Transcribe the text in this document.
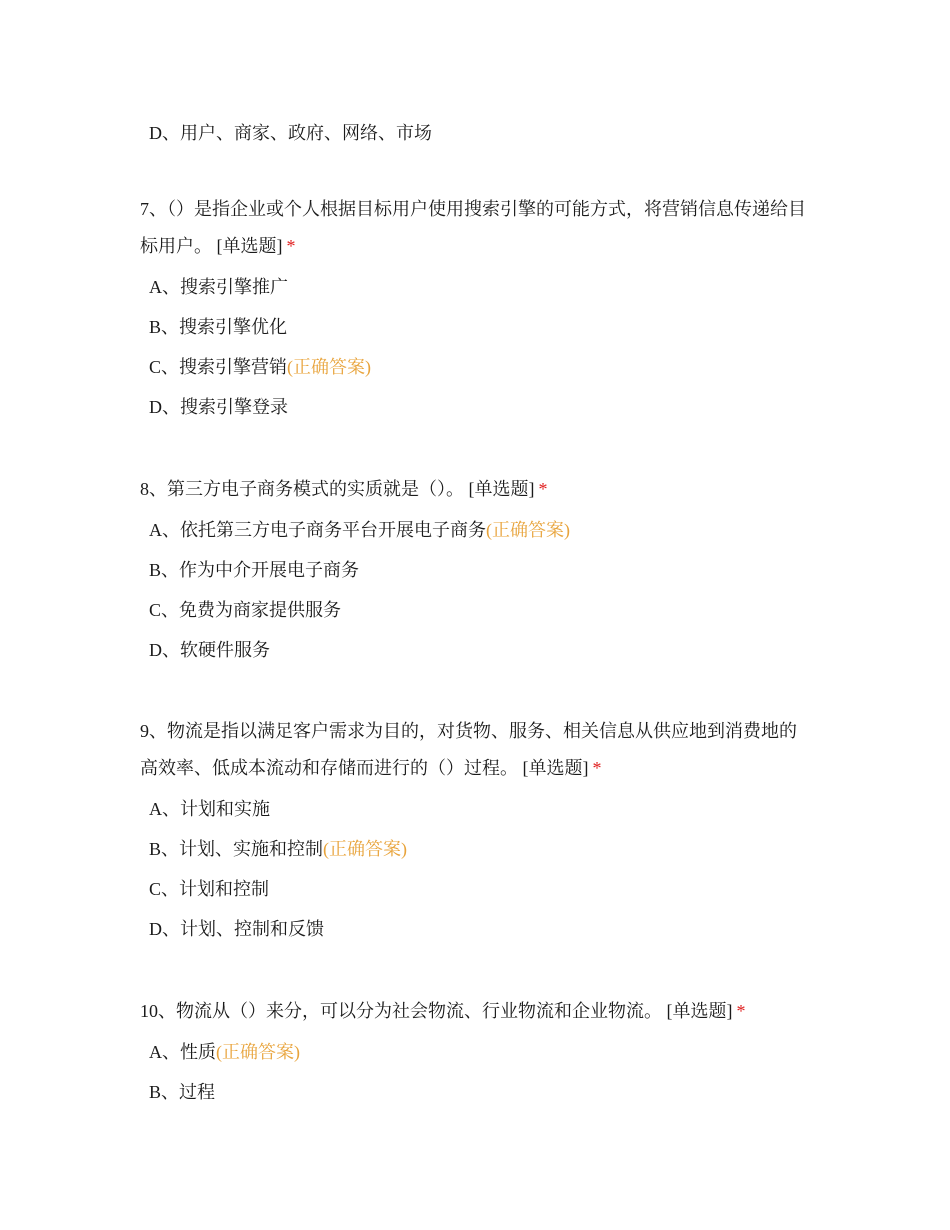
D、用户、商家、政府、网络、市场

7、（）是指企业或个人根据目标用户使用搜索引擎的可能方式，将营销信息传递给目标用户。 [单选题] *

A、搜索引擎推广
B、搜索引擎优化
C、搜索引擎营销(正确答案)
D、搜索引擎登录

8、第三方电子商务模式的实质就是（）。 [单选题] *

A、依托第三方电子商务平台开展电子商务(正确答案)
B、作为中介开展电子商务
C、免费为商家提供服务
D、软硬件服务

9、物流是指以满足客户需求为目的，对货物、服务、相关信息从供应地到消费地的高效率、低成本流动和存储而进行的（）过程。 [单选题] *

A、计划和实施
B、计划、实施和控制(正确答案)
C、计划和控制
D、计划、控制和反馈

10、物流从（）来分，可以分为社会物流、行业物流和企业物流。 [单选题] *

A、性质(正确答案)
B、过程
